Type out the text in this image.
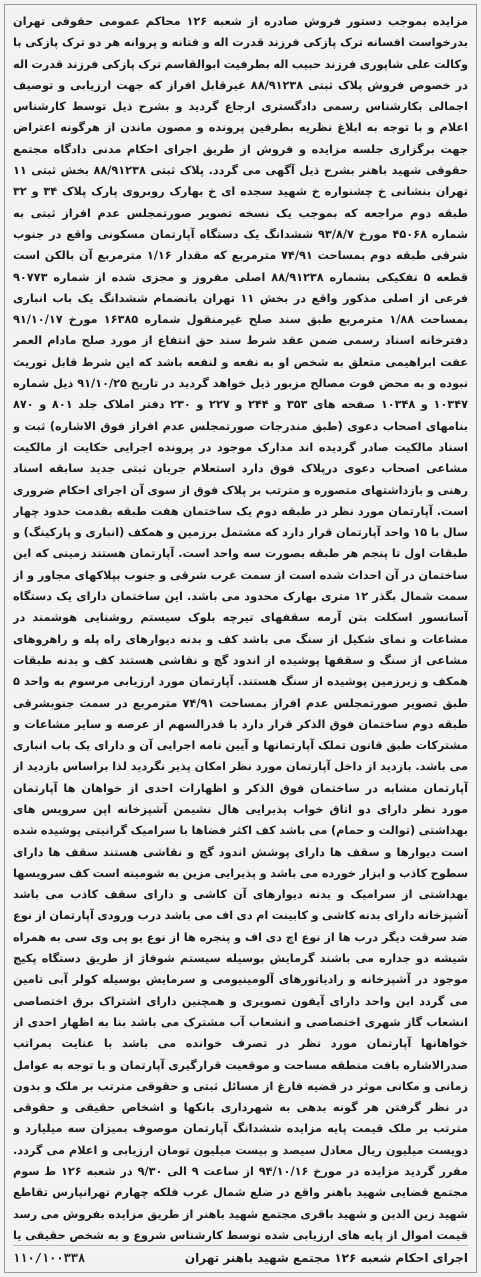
مزایده بموجب دستور فروش صادره از شعبه ۱۲۶ محاکم عمومی حقوقی تهران بدرخواست افسانه ترک پازکی فرزند قدرت اله و فتانه و پروانه هر دو ترک پازکی با وکالت علی شاپوری فرزند حبیب اله بطرفیت ابوالقاسم ترک پازکی فرزند قدرت اله در خصوص فروش پلاک ثبتی ۸۸/۹۱۲۳۸ غیرقابل افراز که جهت ارزیابی و توصیف اجمالی بکارشناس رسمی دادگستری ارجاع گردید و بشرح ذیل توسط کارشناس اعلام و با توجه به ابلاغ نظریه بطرفین پرونده و مصون ماندن از هرگونه اعتراض جهت برگزاری جلسه مزایده و فروش از طریق اجرای احکام مدنی دادگاه مجتمع حقوقی شهید باهنر بشرح ذیل آگهی می گردد. پلاک ثبتی ۸۸/۹۱۲۳۸ بخش ثبتی ۱۱ تهران بنشانی خ چشنواره خ شهید سجده ای خ بهارک روبروی پارک پلاک ۳۴ و ۳۲ طبقه دوم مراجعه که بموجب یک نسخه تصویر صورتمجلس عدم افراز ثبتی به شماره ۴۵۰۶۸ مورخ ۹۳/۸/۷ ششدانگ یک دستگاه آپارتمان مسکونی واقع در جنوب شرقی طبقه دوم بمساحت ۷۴/۹۱ مترمربع که مقدار ۱/۱۶ مترمربع آن بالکن است قطعه ۵ تفکیکی بشماره ۸۸/۹۱۲۳۸ اصلی مفروز و مجزی شده از شماره ۹۰۷۷۳ فرعی از اصلی مذکور واقع در بخش ۱۱ تهران بانضمام ششدانگ یک باب انباری بمساحت ۱/۸۸ مترمربع طبق سند صلح غیرمنقول شماره ۱۶۳۸۵ مورخ ۹۱/۱۰/۱۷ دفترخانه اسناد رسمی ضمن عقد شرط سند حق انتفاع از مورد صلح مادام العمر عفت ابراهیمی متعلق به شخص او به نفعه و لنفعه باشد که این شرط قابل توریث نبوده و به محض فوت مصالح مزبور ذیل خواهد گردید در تاریخ ۹۱/۱۰/۲۵ ذیل شماره ۱۰۳۴۷ و ۱۰۳۴۸ صفحه های ۳۵۳ و ۲۴۴ و ۲۲۷ و ۲۳۰ دفتر املاک جلد ۸۰۱ و ۸۷۰ بنامهای اصحاب دعوی (طبق مندرجات صورتمجلس عدم افراز فوق الاشاره) ثبت و اسناد مالکیت صادر گردیده اند مدارک موجود در پرونده اجرایی حکایت از مالکیت مشاعی اصحاب دعوی درپلاک فوق دارد استعلام جریان ثبتی جدید سابقه اسناد رهنی و بازداشتهای متصوره و مترتب بر پلاک فوق از سوی آن اجرای احکام ضروری است. آپارتمان مورد نظر در طبقه دوم یک ساختمان هفت طبقه بقدمت حدود چهار سال با ۱۵ واحد آپارتمان قرار دارد که مشتمل برزمین و همکف (انباری و پارکینگ) و طبقات اول تا پنجم هر طبقه بصورت سه واحد است. آپارتمان هستند زمینی که این ساختمان در آن احداث شده است از سمت غرب شرقی و جنوب بپلاکهای مجاور و از سمت شمال بگذر ۱۲ متری بهارک محدود می باشد. این ساختمان دارای یک دستگاه آسانسور اسکلت بتن آرمه سقفهای تیرچه بلوک سیستم روشنایی هوشمند در مشاعات و نمای شکیل از سنگ می باشد کف و بدنه دیوارهای راه پله و راهروهای مشاعی از سنگ و سقفها پوشیده از اندود گچ و نقاشی هستند کف و بدنه طبقات همکف و زیرزمین پوشیده از سنگ هستند. آپارتمان مورد ارزیابی مرسوم به واحد ۵ طبق تصویر صورتمجلس عدم افراز بمساحت ۷۴/۹۱ مترمربع در سمت جنوبشرقی طبقه دوم ساختمان فوق الذکر قرار دارد با قدرالسهم از عرصه و سایر مشاعات و مشترکات طبق قانون تملک آپارتمانها و آیین نامه اجرایی آن و دارای یک باب انباری می باشد. بازدید از داخل آپارتمان مورد نظر امکان پذیر نگردید لذا براساس بازدید از آپارتمان مشابه در ساختمان فوق الذکر و اظهارات احدی از خواهان ها آپارتمان مورد نظر دارای دو اتاق خواب پذیرایی هال نشیمن آشپزخانه اپن سرویس های بهداشتی (توالت و حمام) می باشد کف اکثر فضاها با سرامیک گرانیتی پوشیده شده است دیوارها و سقف ها دارای پوشش اندود گچ و نقاشی هستند سقف ها دارای سطوح کاذب و ابزار خورده می باشد و پذیرایی مزین به شومینه است کف سرویسها بهداشتی از سرامیک و بدنه دیوارهای آن کاشی و دارای سقف کاذب می باشد آشپزخانه دارای بدنه کاشی و کابینت ام دی اف می باشد درب ورودی آپارتمان از نوع ضد سرقت دیگر درب ها از نوع اچ دی اف و پنجره ها از نوع یو پی وی سی به همراه شیشه دو جداره می باشند گرمایش بوسیله سیستم شوفاژ از طریق دستگاه پکیج موجود در آشپزخانه و رادیاتورهای آلومینیومی و سرمایش بوسیله کولر آبی تامین می گردد این واحد دارای آیفون تصویری و همچنین دارای اشتراک برق اختصاصی انشعاب گاز شهری اختصاصی و انشعاب آب مشترک می باشد بنا به اظهار احدی از خواهانها آپارتمان مورد نظر در تصرف خوانده می باشد با عنایت بمراتب صدرالاشاره بافت منطقه مساحت و موقعیت قرارگیری آپارتمان و با توجه به عوامل زمانی و مکانی موثر در قضیه فارغ از مسائل ثبتی و حقوقی مترتب بر ملک و بدون در نظر گرفتن هر گونه بدهی به شهرداری بانکها و اشخاص حقیقی و حقوقی مترتب بر ملک قیمت پایه مزایده ششدانگ آپارتمان موصوف بمیزان سه میلیارد و دویست میلیون ریال معادل سیصد و بیست میلیون تومان ارزیابی و اعلام می گردد. مقرر گردید مزایده در مورخ ۹۴/۱۰/۱۶ از ساعت ۹ الی ۹/۳۰ در شعبه ۱۲۶ ط سوم مجتمع قضایی شهید باهنر واقع در ضلع شمال غرب فلکه چهارم تهرانپارس تقاطع شهید زین الدین و شهید باقری مجتمع شهید باهنر از طریق مزایده بفروش می رسد قیمت اموال از پایه های ارزیابی شده توسط کارشناس شروع و به شخص حقیقی یا
اجرای احکام شعبه ۱۲۶ مجتمع شهید باهنر تهران
۱۱۰/۱۰۰۳۳۸
